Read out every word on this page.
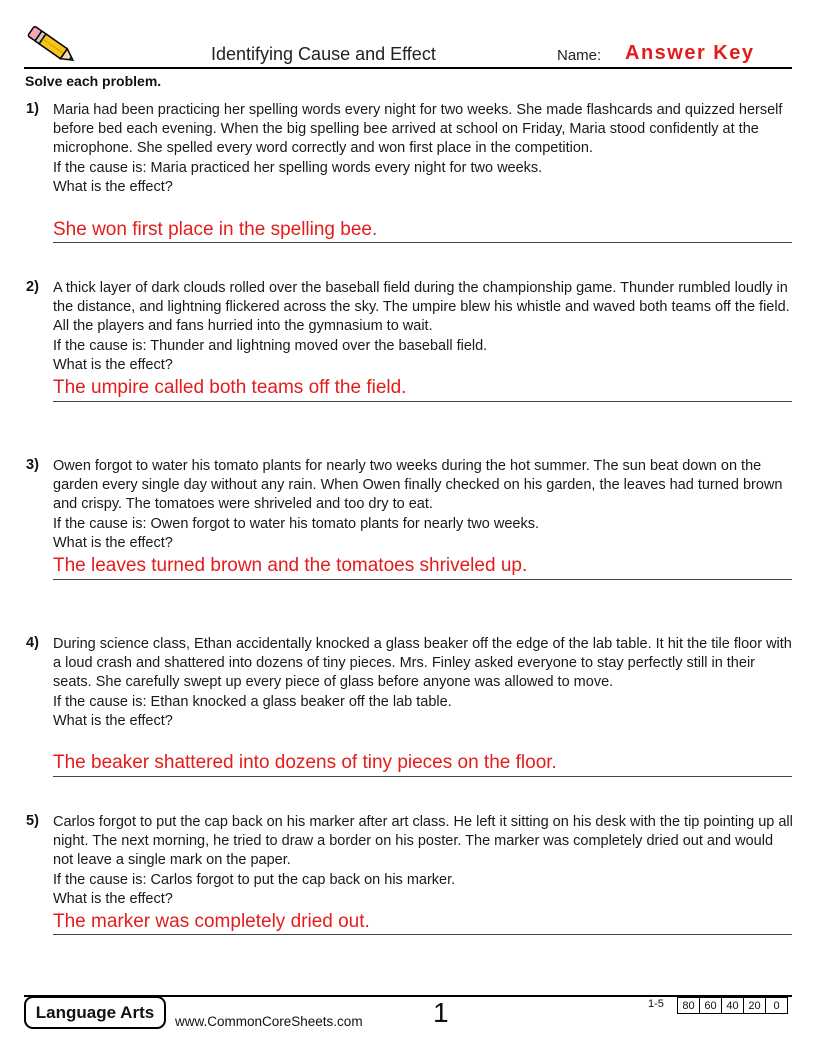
Identifying Cause and Effect	Name: Answer Key
Solve each problem.
1) Maria had been practicing her spelling words every night for two weeks. She made flashcards and quizzed herself before bed each evening. When the big spelling bee arrived at school on Friday, Maria stood confidently at the microphone. She spelled every word correctly and won first place in the competition.

If the cause is: Maria practiced her spelling words every night for two weeks.

What is the effect?

She won first place in the spelling bee.
2) A thick layer of dark clouds rolled over the baseball field during the championship game. Thunder rumbled loudly in the distance, and lightning flickered across the sky. The umpire blew his whistle and waved both teams off the field. All the players and fans hurried into the gymnasium to wait.

If the cause is: Thunder and lightning moved over the baseball field.

What is the effect?

The umpire called both teams off the field.
3) Owen forgot to water his tomato plants for nearly two weeks during the hot summer. The sun beat down on the garden every single day without any rain. When Owen finally checked on his garden, the leaves had turned brown and crispy. The tomatoes were shriveled and too dry to eat.

If the cause is: Owen forgot to water his tomato plants for nearly two weeks.

What is the effect?

The leaves turned brown and the tomatoes shriveled up.
4) During science class, Ethan accidentally knocked a glass beaker off the edge of the lab table. It hit the tile floor with a loud crash and shattered into dozens of tiny pieces. Mrs. Finley asked everyone to stay perfectly still in their seats. She carefully swept up every piece of glass before anyone was allowed to move.

If the cause is: Ethan knocked a glass beaker off the lab table.

What is the effect?

The beaker shattered into dozens of tiny pieces on the floor.
5) Carlos forgot to put the cap back on his marker after art class. He left it sitting on his desk with the tip pointing up all night. The next morning, he tried to draw a border on his poster. The marker was completely dried out and would not leave a single mark on the paper.

If the cause is: Carlos forgot to put the cap back on his marker.

What is the effect?

The marker was completely dried out.
Language Arts	www.CommonCoreSheets.com	1	1-5 80	60	40	20	0
